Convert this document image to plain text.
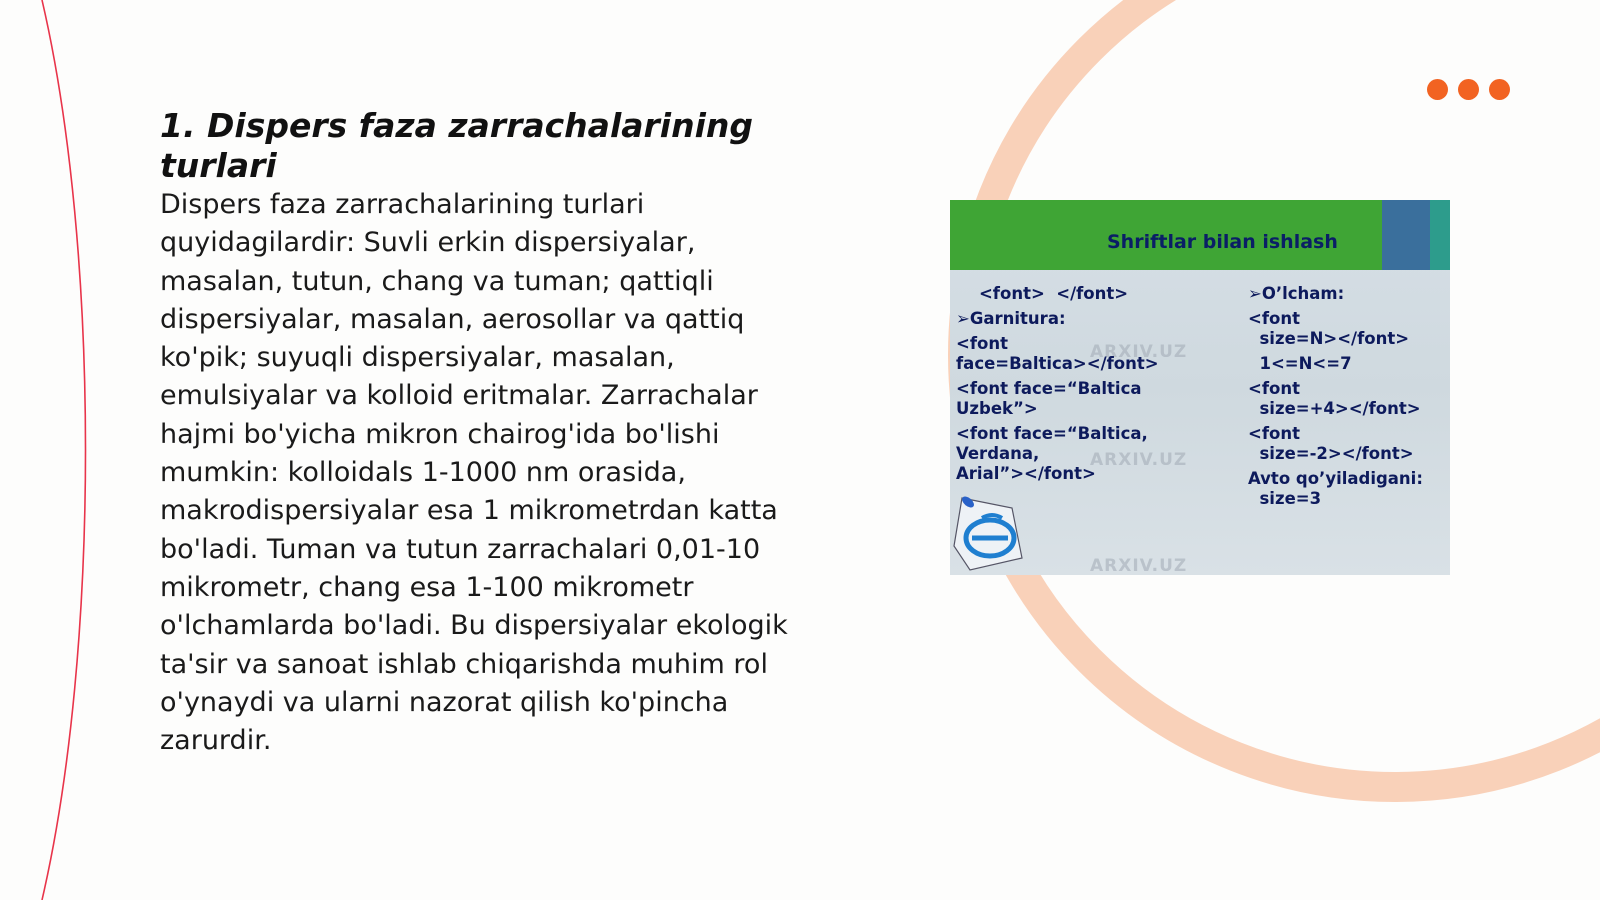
1. Dispers faza zarrachalarining turlari

Dispers faza zarrachalarining turlari quyidagilardir: Suvli erkin dispersiyalar, masalan, tutun, chang va tuman; qattiqli dispersiyalar, masalan, aerosollar va qattiq ko'pik; suyuqli dispersiyalar, masalan, emulsiyalar va kolloid eritmalar. Zarrachalar hajmi bo'yicha mikron chairog'ida bo'lishi mumkin: kolloidals 1-1000 nm orasida, makrodispersiyalar esa 1 mikrometrdan katta bo'ladi. Tuman va tutun zarrachalari 0,01-10 mikrometr, chang esa 1-100 mikrometr o'lchamlarda bo'ladi. Bu dispersiyalar ekologik ta'sir va sanoat ishlab chiqarishda muhim rol o'ynaydi va ularni nazorat qilish ko'pincha zarurdir.

Shriftlar bilan ishlash
ARXIV.UZ
ARXIV.UZ
ARXIV.UZ

<font>  </font>

➢Garnitura:

<font
face=Baltica></font>

<font face=“Baltica
Uzbek”>

<font face=“Baltica,
Verdana,
Arial”></font>

➢O’lcham:

<font
size=N></font>

1<=N<=7

<font
size=+4></font>

<font
size=-2></font>

Avto qo’yiladigani:
size=3
